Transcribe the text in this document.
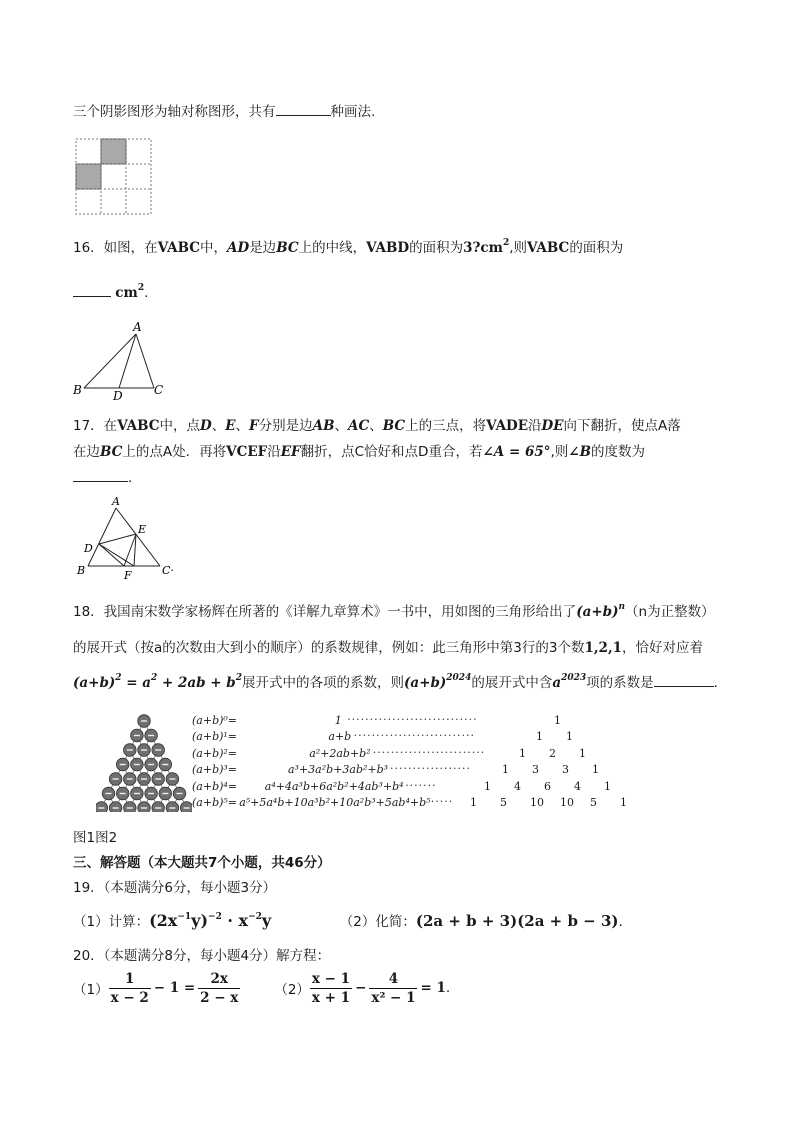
三个阴影图形为轴对称图形，共有	种画法.
16．如图，在VABC中，AD是边BC上的中线，VABD的面积为$3?cm^2$,则VABC的面积为
$cm^2$.
A
B	C
D
17．在VABC中，点D、E、F分别是边AB、AC、BC上的三点，将VADE沿DE向下翻折，使点A落
在边BC上的点A处．再将VCEF沿EF翻折，点C恰好和点D重合，若∠A = 65°,则∠B的度数为
.
A
B	C·
D
E
F
18．我国南宋数学家杨辉在所著的《详解九章算术》一书中，用如图的三角形给出了$(a+b)^n(n$为正整数）
的展开式（按a的次数由大到小的顺序）的系数规律，例如：此三角形中第3行的3个数1,2,1，恰好对应着
$(a+b)^2 = a^2 + 2ab + b^2$展开式中的各项的系数，则$(a+b)^{2024}$的展开式中含$a^{2023}$项的系数是	.
(a+b)⁰=	1 ·····························	1
(a+b)¹=	a+b ···························	1 1
(a+b)²=	a²+2ab+b² ·························	1 2 1
(a+b)³=	a³+3a²b+3ab²+b³ ··················	1 3 3 1
(a+b)⁴=	a⁴+4a³b+6a²b²+4ab³+b⁴ ·······	1 4 6 4 1
(a+b)⁵= a⁵+5a⁴b+10a³b²+10a²b³+5ab⁴+b⁵ ····· 1 5 10 10 5 1
图1图2
三、解答题（本大题共7个小题，共46分）
19．（本题满分6分，每小题3分）
（1）计算：$(2x^{-1}y)^{-2} \cdot x^{-2}y$	（2）化简：(2a + b + 3)(2a + b − 3).
20．（本题满分8分，每小题4分）解方程：
$(1) \frac{1}{x - 2} - 1 = \frac{2x}{2 - x}$	$(2) \frac{x - 1}{x + 1} - \frac{4}{\text{x² − 1}} = 1$ .
